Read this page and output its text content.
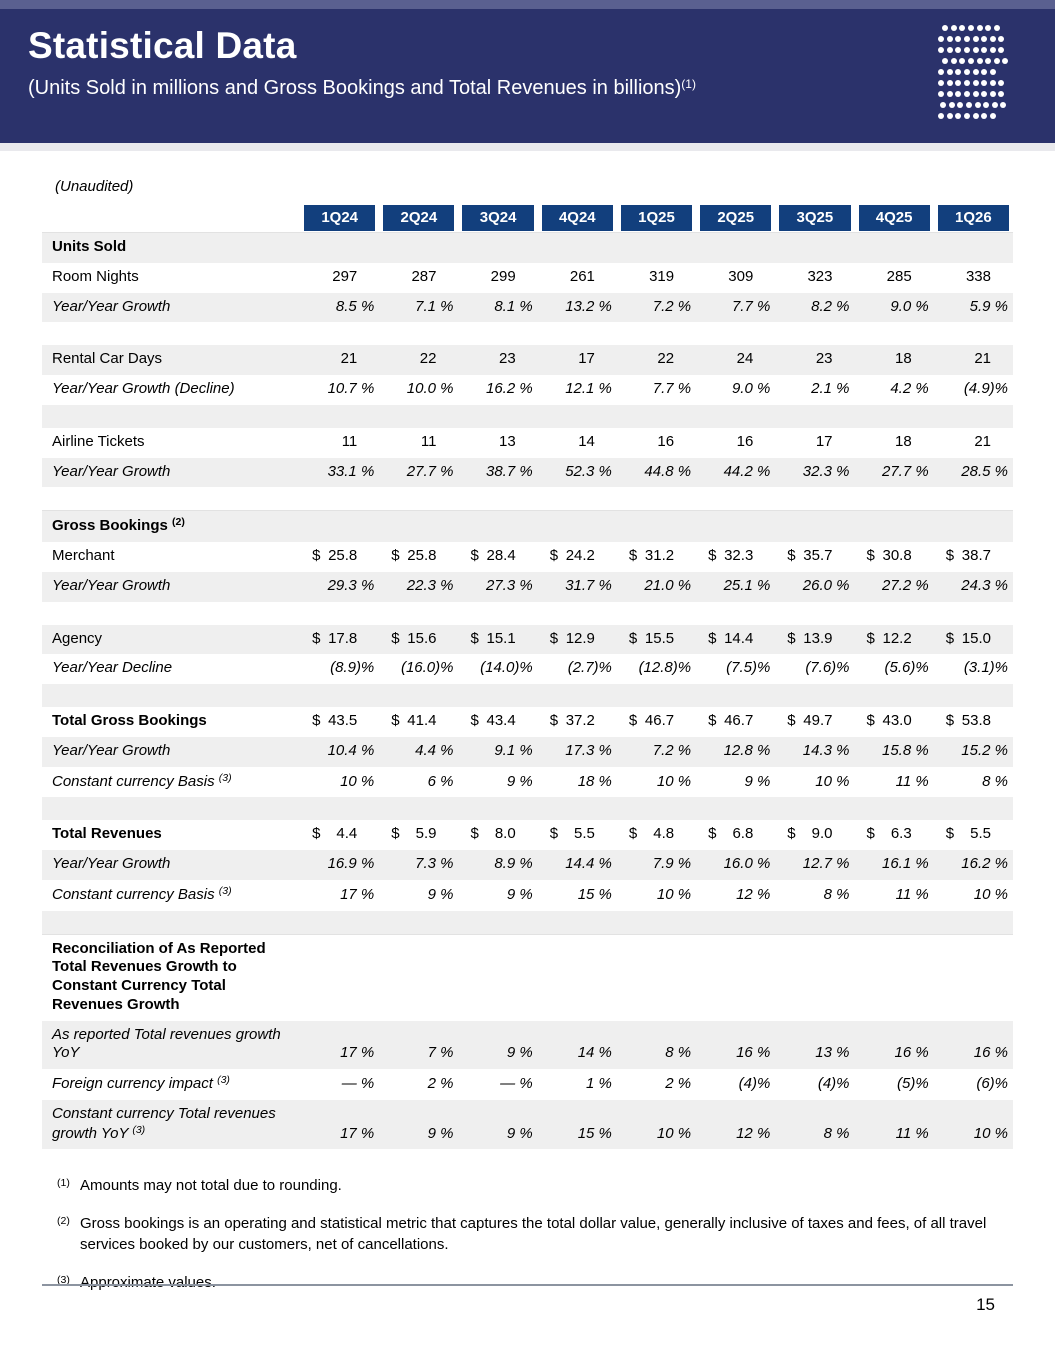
Statistical Data

(Units Sold in millions and Gross Bookings and Total Revenues in billions)$^{(1)}$

(Unaudited)

	1Q24	2Q24	3Q24	4Q24	1Q25	2Q25	3Q25	4Q25	1Q26

Units Sold									

Room Nights	297	287	299	261	319	309	323	285	338
Year/Year Growth	8.5 %	7.1 %	8.1 %	13.2 %	7.2 %	7.7 %	8.2 %	9.0 %	5.9 %

Rental Car Days	21	22	23	17	22	24	23	18	21
Year/Year Growth (Decline)	10.7 %	10.0 %	16.2 %	12.1 %	7.7 %	9.0 %	2.1 %	4.2 %	(4.9)%

Airline Tickets	11	11	13	14	16	16	17	18	21
Year/Year Growth	33.1 %	27.7 %	38.7 %	52.3 %	44.8 %	44.2 %	32.3 %	27.7 %	28.5 %

Gross Bookings $^{(2)}$

Merchant	$ 25.8	$ 25.8	$ 28.4	$ 24.2	$ 31.2	$ 32.3	$ 35.7	$ 30.8	$ 38.7
Year/Year Growth	29.3 %	22.3 %	27.3 %	31.7 %	21.0 %	25.1 %	26.0 %	27.2 %	24.3 %

Agency	$ 17.8	$ 15.6	$ 15.1	$ 12.9	$ 15.5	$ 14.4	$ 13.9	$ 12.2	$ 15.0
Year/Year Decline	(8.9)%	(16.0)%	(14.0)%	(2.7)%	(12.8)%	(7.5)%	(7.6)%	(5.6)%	(3.1)%

Total Gross Bookings	$ 43.5	$ 41.4	$ 43.4	$ 37.2	$ 46.7	$ 46.7	$ 49.7	$ 43.0	$ 53.8
Year/Year Growth	10.4 %	4.4 %	9.1 %	17.3 %	7.2 %	12.8 %	14.3 %	15.8 %	15.2 %
Constant currency Basis $^{(3)}$	10 %	6 %	9 %	18 %	10 %	9 %	10 %	11 %	8 %

Total Revenues	$ 4.4	$ 5.9	$ 8.0	$ 5.5	$ 4.8	$ 6.8	$ 9.0	$ 6.3	$ 5.5
Year/Year Growth	16.9 %	7.3 %	8.9 %	14.4 %	7.9 %	16.0 %	12.7 %	16.1 %	16.2 %
Constant currency Basis $^{(3)}$	17 %	9 %	9 %	15 %	10 %	12 %	8 %	11 %	10 %

Reconciliation of As Reported Total Revenues Growth to Constant Currency Total Revenues Growth									

As reported Total revenues growth YoY	17 %	7 %	9 %	14 %	8 %	16 %	13 %	16 %	16 %
Foreign currency impact $^{(3)}$	— %	2 %	— %	1 %	2 %	(4)%	(4)%	(5)%	(6)%
Constant currency Total revenues growth YoY $^{(3)}$	17 %	9 %	9 %	15 %	10 %	12 %	8 %	11 %	10 %

(1) Amounts may not total due to rounding.

(2) Gross bookings is an operating and statistical metric that captures the total dollar value, generally inclusive of taxes and fees, of all travel services booked by our customers, net of cancellations.

(3) Approximate values.

15
